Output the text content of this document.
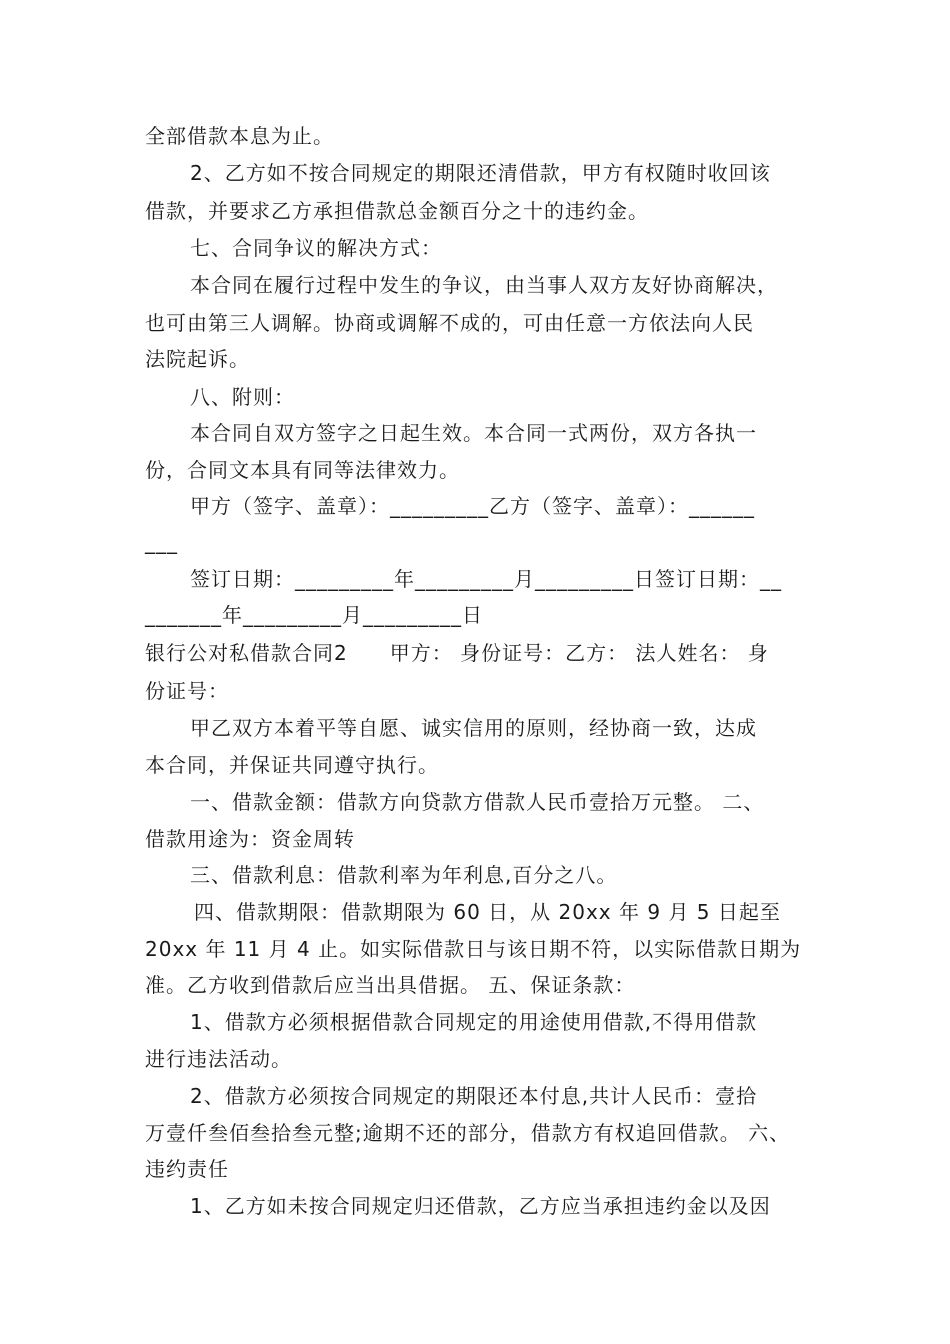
全部借款本息为止。
2、乙方如不按合同规定的期限还清借款，甲方有权随时收回该
借款，并要求乙方承担借款总金额百分之十的违约金。
七、合同争议的解决方式：
本合同在履行过程中发生的争议，由当事人双方友好协商解决，
也可由第三人调解。协商或调解不成的，可由任意一方依法向人民
法院起诉。
八、附则：
本合同自双方签字之日起生效。本合同一式两份，双方各执一
份，合同文本具有同等法律效力。
甲方（签字、盖章）：_________乙方（签字、盖章）：______
___
签订日期：_________年_________月_________日签订日期：__
_______年_________月_________日
银行公对私借款合同2　　甲方： 身份证号：乙方： 法人姓名： 身
份证号：
甲乙双方本着平等自愿、诚实信用的原则，经协商一致，达成
本合同，并保证共同遵守执行。
一、借款金额：借款方向贷款方借款人民币壹拾万元整。 二、
借款用途为：资金周转
三、借款利息：借款利率为年利息,百分之八。
四、借款期限：借款期限为 60 日，从 20xx 年 9 月 5 日起至
20xx 年 11 月 4 止。如实际借款日与该日期不符，以实际借款日期为
准。乙方收到借款后应当出具借据。 五、保证条款：
1、借款方必须根据借款合同规定的用途使用借款,不得用借款
进行违法活动。
2、借款方必须按合同规定的期限还本付息,共计人民币：壹拾
万壹仟叁佰叁拾叁元整;逾期不还的部分，借款方有权追回借款。 六、
违约责任
1、乙方如未按合同规定归还借款，乙方应当承担违约金以及因
